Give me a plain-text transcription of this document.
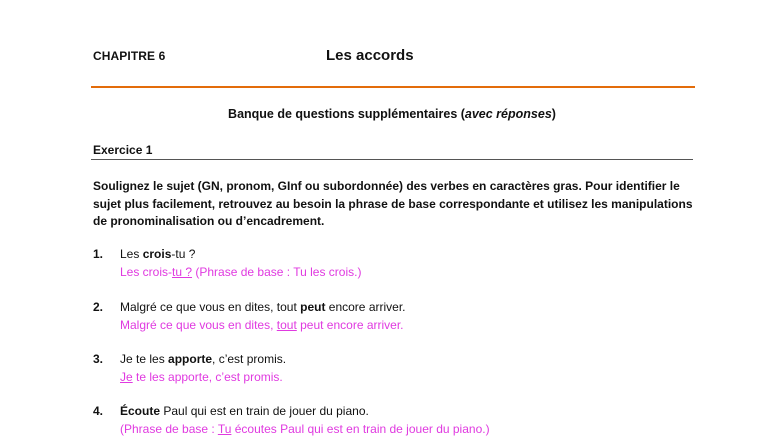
CHAPITRE 6	Les accords
Banque de questions supplémentaires (avec réponses)
Exercice 1
Soulignez le sujet (GN, pronom, GInf ou subordonnée) des verbes en caractères gras. Pour identifier le sujet plus facilement, retrouvez au besoin la phrase de base correspondante et utilisez les manipulations de pronominalisation ou d’encadrement.
1. Les crois-tu ?
Les crois-tu ? (Phrase de base : Tu les crois.)
2. Malgré ce que vous en dites, tout peut encore arriver.
Malgré ce que vous en dites, tout peut encore arriver.
3. Je te les apporte, c’est promis.
Je te les apporte, c’est promis.
4. Écoute Paul qui est en train de jouer du piano.
(Phrase de base : Tu écoutes Paul qui est en train de jouer du piano.)
